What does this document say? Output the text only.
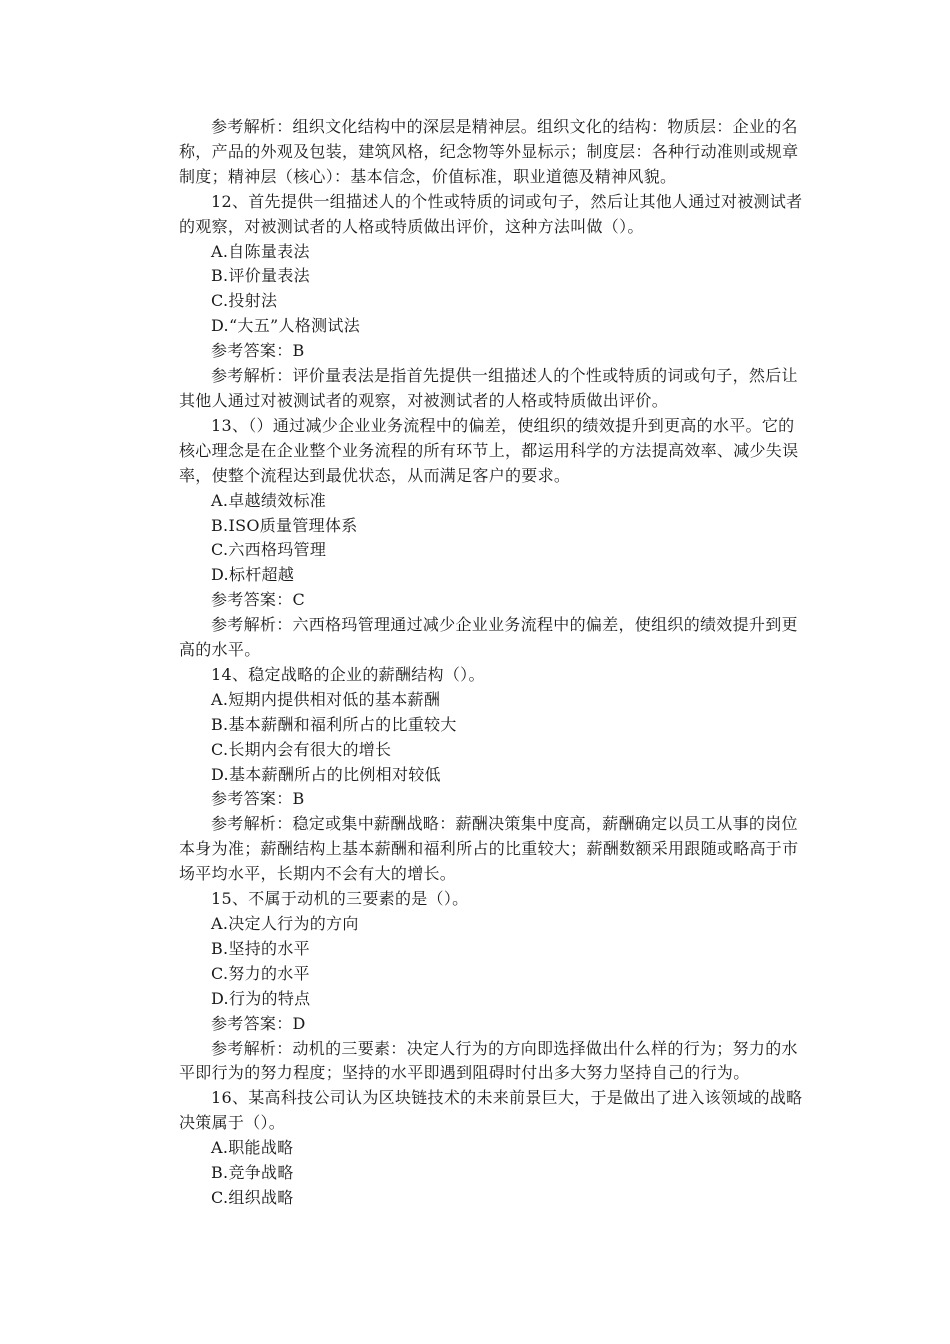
参考解析：组织文化结构中的深层是精神层。组织文化的结构：物质层：企业的名
称，产品的外观及包装，建筑风格，纪念物等外显标示；制度层：各种行动准则或规章
制度；精神层（核心）：基本信念，价值标准，职业道德及精神风貌。
12、首先提供一组描述人的个性或特质的词或句子，然后让其他人通过对被测试者
的观察，对被测试者的人格或特质做出评价，这种方法叫做（）。
A.自陈量表法
B.评价量表法
C.投射法
D.“大五”人格测试法
参考答案：B
参考解析：评价量表法是指首先提供一组描述人的个性或特质的词或句子，然后让
其他人通过对被测试者的观察，对被测试者的人格或特质做出评价。
13、（）通过减少企业业务流程中的偏差，使组织的绩效提升到更高的水平。它的
核心理念是在企业整个业务流程的所有环节上，都运用科学的方法提高效率、减少失误
率，使整个流程达到最优状态，从而满足客户的要求。
A.卓越绩效标准
B.ISO质量管理体系
C.六西格玛管理
D.标杆超越
参考答案：C
参考解析：六西格玛管理通过减少企业业务流程中的偏差，使组织的绩效提升到更
高的水平。
14、稳定战略的企业的薪酬结构（）。
A.短期内提供相对低的基本薪酬
B.基本薪酬和福利所占的比重较大
C.长期内会有很大的增长
D.基本薪酬所占的比例相对较低
参考答案：B
参考解析：稳定或集中薪酬战略：薪酬决策集中度高，薪酬确定以员工从事的岗位
本身为准；薪酬结构上基本薪酬和福利所占的比重较大；薪酬数额采用跟随或略高于市
场平均水平，长期内不会有大的增长。
15、不属于动机的三要素的是（）。
A.决定人行为的方向
B.坚持的水平
C.努力的水平
D.行为的特点
参考答案：D
参考解析：动机的三要素：决定人行为的方向即选择做出什么样的行为；努力的水
平即行为的努力程度；坚持的水平即遇到阻碍时付出多大努力坚持自己的行为。
16、某高科技公司认为区块链技术的未来前景巨大，于是做出了进入该领域的战略
决策属于（）。
A.职能战略
B.竞争战略
C.组织战略
